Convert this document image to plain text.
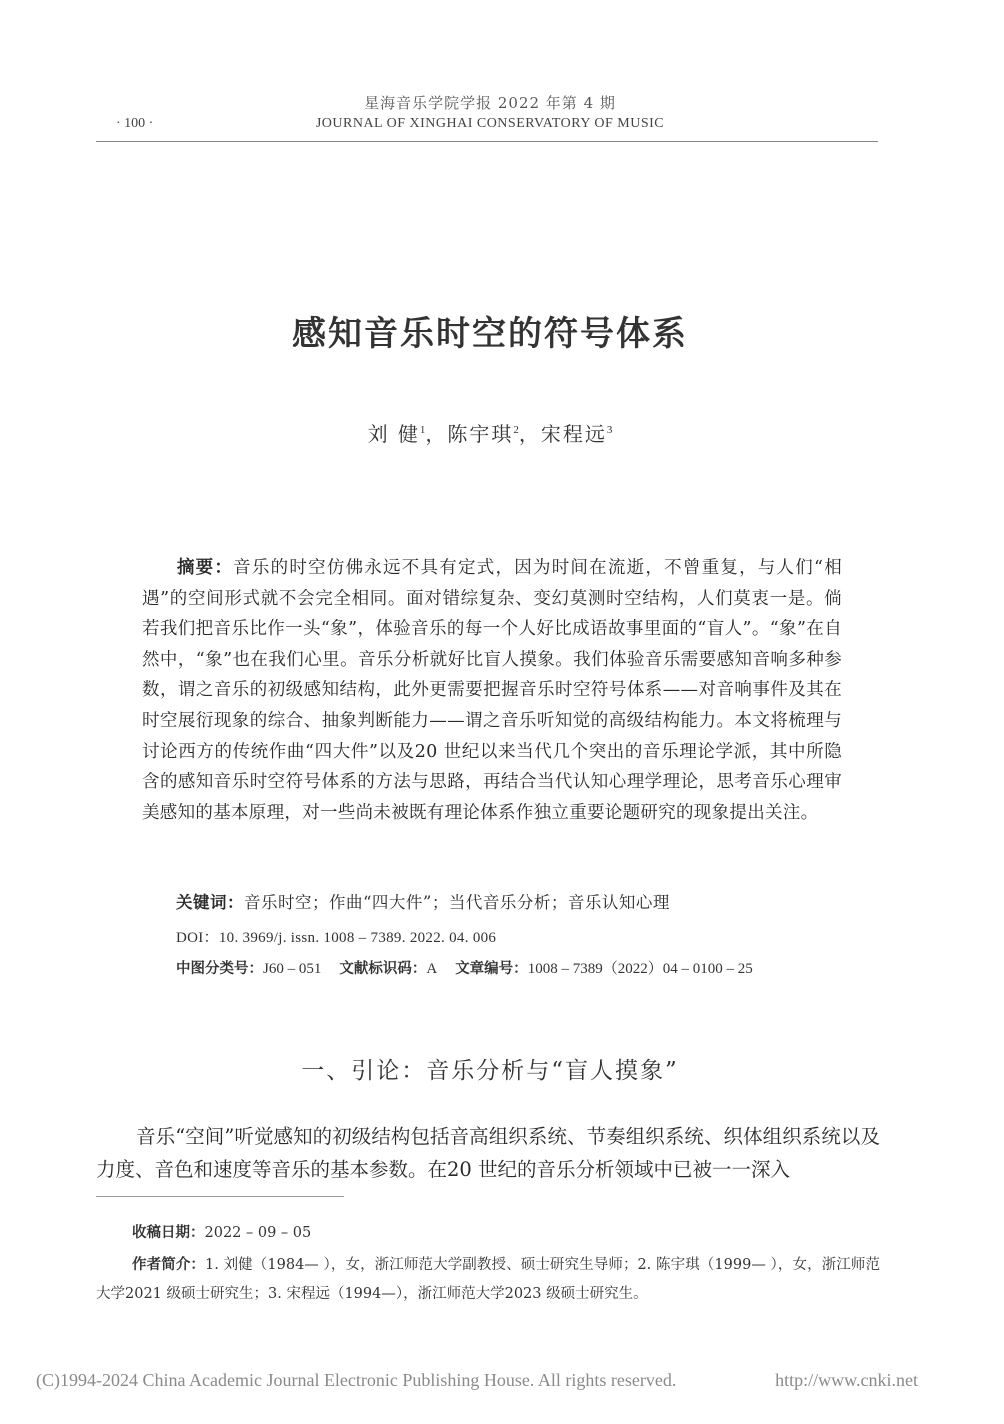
星海音乐学院学报 2022 年第 4 期
· 100 ·	JOURNAL OF XINGHAI CONSERVATORY OF MUSIC
感知音乐时空的符号体系
刘 健$^1$，陈宇琪$^2$，宋程远$^3$
摘要：音乐的时空仿佛永远不具有定式，因为时间在流逝，不曾重复，与人们“相遇”的空间形式就不会完全相同。面对错综复杂、变幻莫测时空结构，人们莫衷一是。倘若我们把音乐比作一头“象”，体验音乐的每一个人好比成语故事里面的“盲人”。“象”在自然中，“象”也在我们心里。音乐分析就好比盲人摸象。我们体验音乐需要感知音响多种参数，谓之音乐的初级感知结构，此外更需要把握音乐时空符号体系——对音响事件及其在时空展衍现象的综合、抽象判断能力——谓之音乐听知觉的高级结构能力。本文将梳理与讨论西方的传统作曲“四大件”以及20 世纪以来当代几个突出的音乐理论学派，其中所隐含的感知音乐时空符号体系的方法与思路，再结合当代认知心理学理论，思考音乐心理审美感知的基本原理，对一些尚未被既有理论体系作独立重要论题研究的现象提出关注。
关键词：音乐时空；作曲“四大件”；当代音乐分析；音乐认知心理
DOI：10. 3969/j. issn. 1008 – 7389. 2022. 04. 006
中图分类号：J60 – 051 文献标识码：A 文章编号：1008 – 7389（2022）04 – 0100 – 25
一、引论：音乐分析与“盲人摸象”
音乐“空间”听觉感知的初级结构包括音高组织系统、节奏组织系统、织体组织系统以及力度、音色和速度等音乐的基本参数。在20 世纪的音乐分析领域中已被一一深入
收稿日期：2022 – 09 – 05
作者简介：1. 刘健（1984— ），女，浙江师范大学副教授、硕士研究生导师；2. 陈宇琪（1999— ），女，浙江师范大学2021 级硕士研究生；3. 宋程远（1994—），浙江师范大学2023 级硕士研究生。
(C)1994-2024 China Academic Journal Electronic Publishing House. All rights reserved.	http://www.cnki.net
